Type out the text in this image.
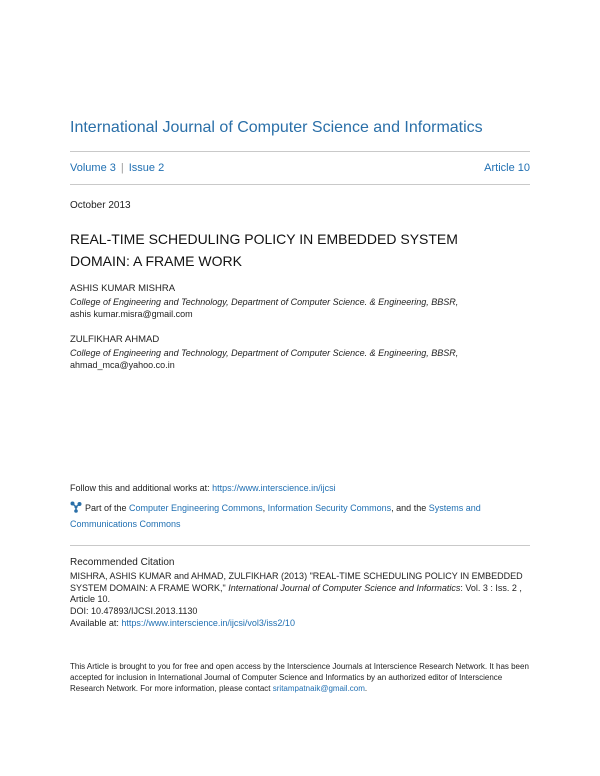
International Journal of Computer Science and Informatics
Volume 3 | Issue 2	Article 10
October 2013
REAL-TIME SCHEDULING POLICY IN EMBEDDED SYSTEM
DOMAIN: A FRAME WORK
ASHIS KUMAR MISHRA
College of Engineering and Technology, Department of Computer Science. & Engineering, BBSR,
ashis kumar.misra@gmail.com
ZULFIKHAR AHMAD
College of Engineering and Technology, Department of Computer Science. & Engineering, BBSR,
ahmad_mca@yahoo.co.in
Follow this and additional works at: https://www.interscience.in/ijcsi
Part of the Computer Engineering Commons, Information Security Commons, and the Systems and Communications Commons
Recommended Citation
MISHRA, ASHIS KUMAR and AHMAD, ZULFIKHAR (2013) "REAL-TIME SCHEDULING POLICY IN EMBEDDED SYSTEM DOMAIN: A FRAME WORK," International Journal of Computer Science and Informatics: Vol. 3 : Iss. 2 , Article 10.
DOI: 10.47893/IJCSI.2013.1130
Available at: https://www.interscience.in/ijcsi/vol3/iss2/10
This Article is brought to you for free and open access by the Interscience Journals at Interscience Research Network. It has been accepted for inclusion in International Journal of Computer Science and Informatics by an authorized editor of Interscience Research Network. For more information, please contact sritampatnaik@gmail.com.
